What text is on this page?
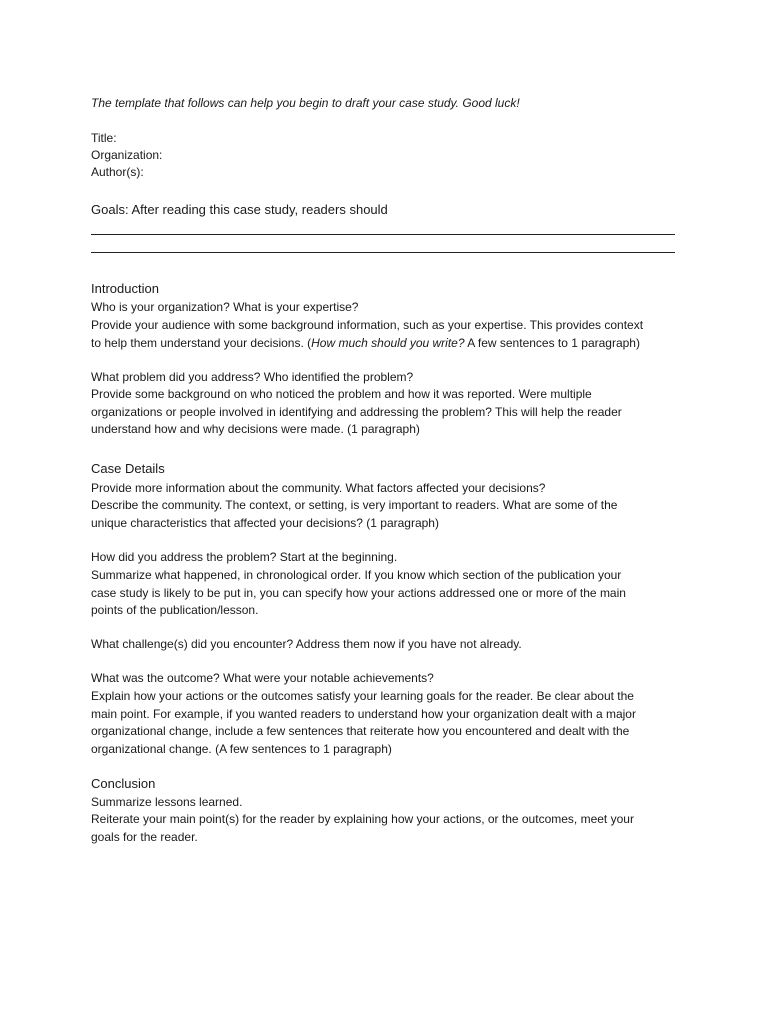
The template that follows can help you begin to draft your case study. Good luck!

Title:

Organization:

Author(s):

Goals: After reading this case study, readers should

Introduction

Who is your organization? What is your expertise?

Provide your audience with some background information, such as your expertise. This provides context
to help them understand your decisions. (How much should you write? A few sentences to 1 paragraph)

What problem did you address? Who identified the problem?

Provide some background on who noticed the problem and how it was reported. Were multiple
organizations or people involved in identifying and addressing the problem? This will help the reader
understand how and why decisions were made. (1 paragraph)

Case Details

Provide more information about the community. What factors affected your decisions?

Describe the community. The context, or setting, is very important to readers. What are some of the
unique characteristics that affected your decisions? (1 paragraph)

How did you address the problem? Start at the beginning.

Summarize what happened, in chronological order. If you know which section of the publication your
case study is likely to be put in, you can specify how your actions addressed one or more of the main
points of the publication/lesson.

What challenge(s) did you encounter? Address them now if you have not already.

What was the outcome? What were your notable achievements?

Explain how your actions or the outcomes satisfy your learning goals for the reader. Be clear about the
main point. For example, if you wanted readers to understand how your organization dealt with a major
organizational change, include a few sentences that reiterate how you encountered and dealt with the
organizational change. (A few sentences to 1 paragraph)

Conclusion

Summarize lessons learned.

Reiterate your main point(s) for the reader by explaining how your actions, or the outcomes, meet your
goals for the reader.
